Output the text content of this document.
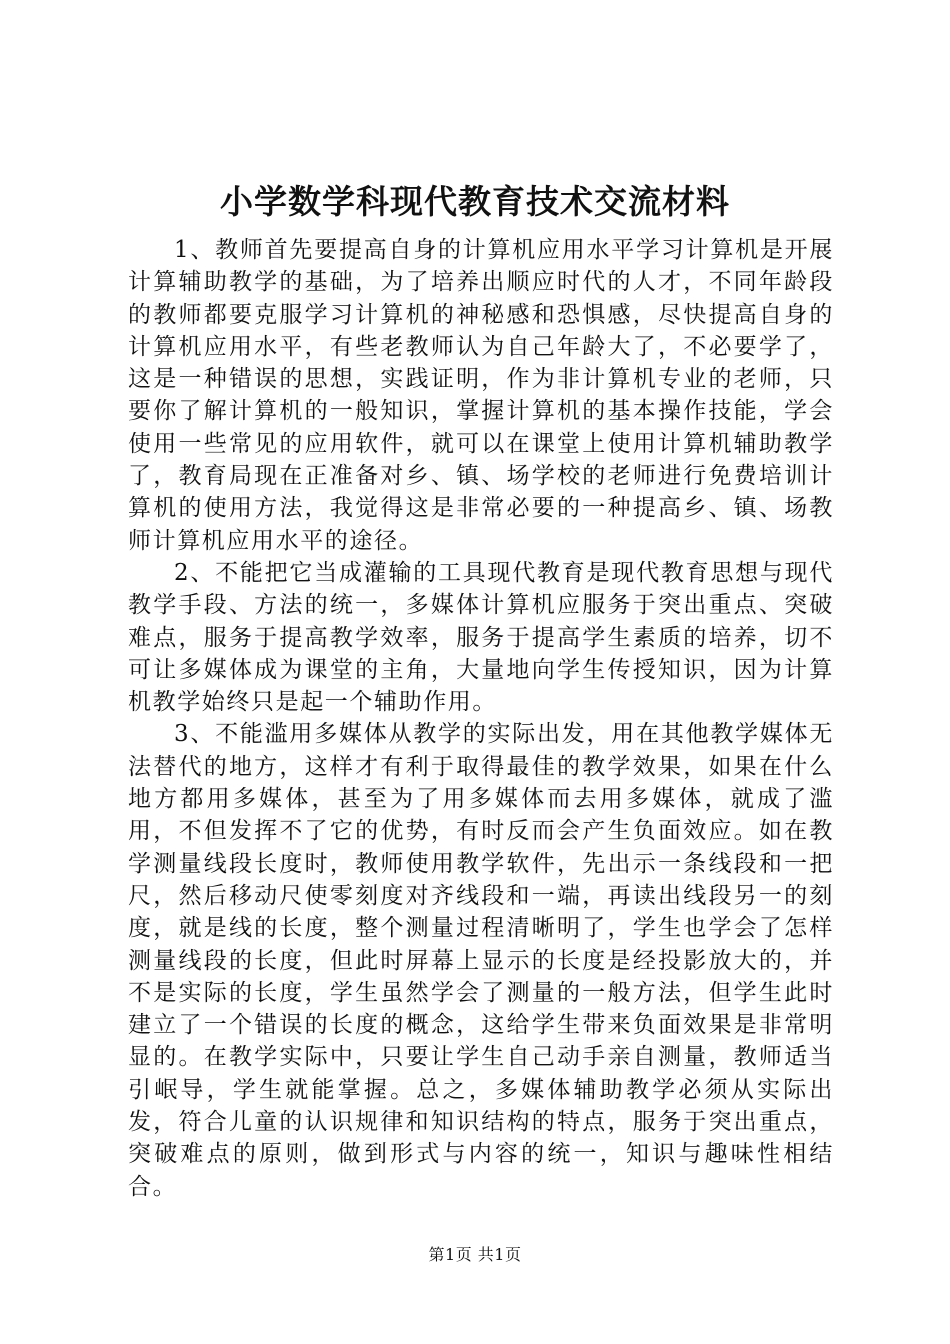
小学数学科现代教育技术交流材料

1、教师首先要提高自身的计算机应用水平学习计算机是开展计算辅助教学的基础，为了培养出顺应时代的人才，不同年龄段的教师都要克服学习计算机的神秘感和恐惧感，尽快提高自身的计算机应用水平，有些老教师认为自己年龄大了，不必要学了，这是一种错误的思想，实践证明，作为非计算机专业的老师，只要你了解计算机的一般知识，掌握计算机的基本操作技能，学会使用一些常见的应用软件，就可以在课堂上使用计算机辅助教学了，教育局现在正准备对乡、镇、场学校的老师进行免费培训计算机的使用方法，我觉得这是非常必要的一种提高乡、镇、场教师计算机应用水平的途径。

2、不能把它当成灌输的工具现代教育是现代教育思想与现代教学手段、方法的统一，多媒体计算机应服务于突出重点、突破难点，服务于提高教学效率，服务于提高学生素质的培养，切不可让多媒体成为课堂的主角，大量地向学生传授知识，因为计算机教学始终只是起一个辅助作用。

3、不能滥用多媒体从教学的实际出发，用在其他教学媒体无法替代的地方，这样才有利于取得最佳的教学效果，如果在什么地方都用多媒体，甚至为了用多媒体而去用多媒体，就成了滥用，不但发挥不了它的优势，有时反而会产生负面效应。如在教学测量线段长度时，教师使用教学软件，先出示一条线段和一把尺，然后移动尺使零刻度对齐线段和一端，再读出线段另一的刻度，就是线的长度，整个测量过程清晰明了，学生也学会了怎样测量线段的长度，但此时屏幕上显示的长度是经投影放大的，并不是实际的长度，学生虽然学会了测量的一般方法，但学生此时建立了一个错误的长度的概念，这给学生带来负面效果是非常明显的。在教学实际中，只要让学生自己动手亲自测量，教师适当引岷导，学生就能掌握。总之，多媒体辅助教学必须从实际出发，符合儿童的认识规律和知识结构的特点，服务于突出重点，突破难点的原则，做到形式与内容的统一，知识与趣味性相结合。

第1页 共1页
